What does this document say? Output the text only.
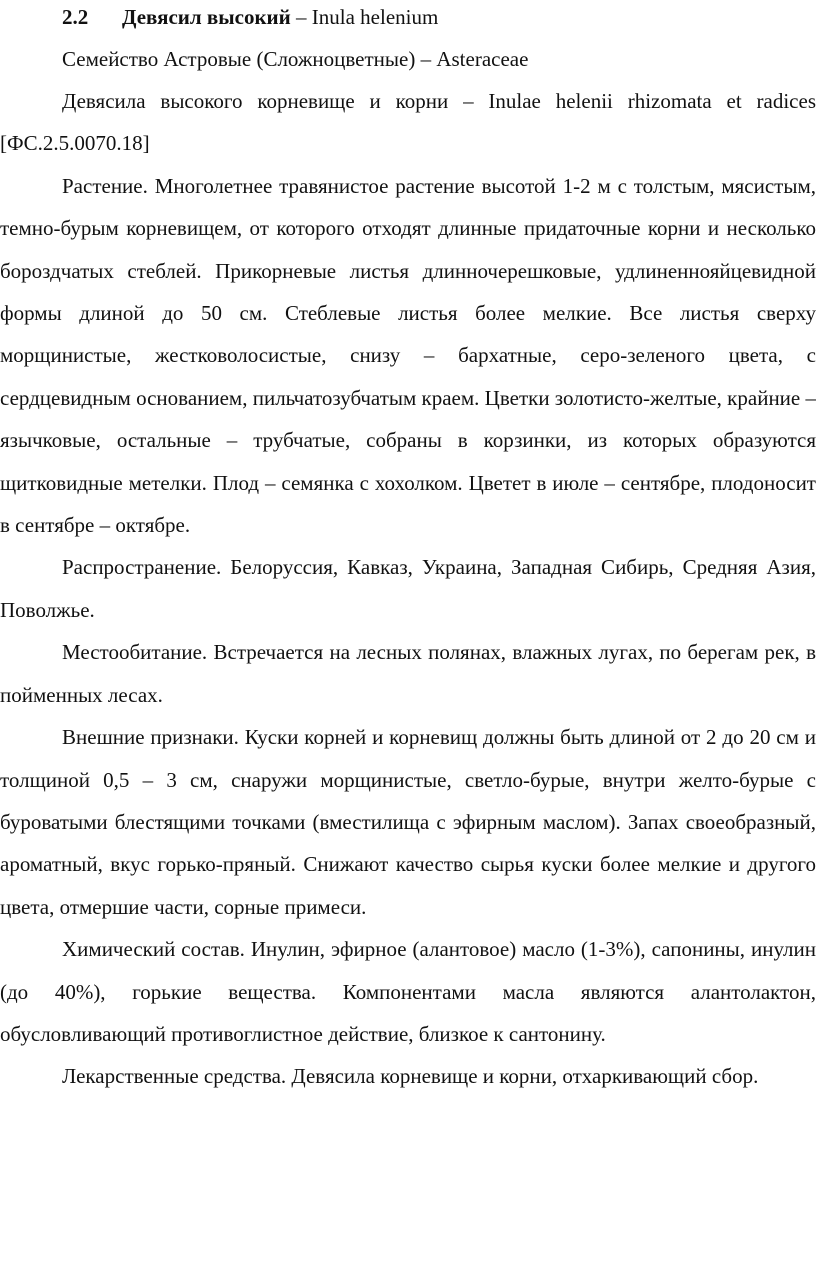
2.2 Девясил высокий – Inula helenium

Семейство Астровые (Сложноцветные) – Asteraceae

Девясила высокого корневище и корни – Inulae helenii rhizomata et radices [ФС.2.5.0070.18]

Растение. Многолетнее травянистое растение высотой 1-2 м с толстым, мясистым, темно-бурым корневищем, от которого отходят длинные придаточные корни и несколько бороздчатых стеблей. Прикорневые листья длинночерешковые, удлиненнояйцевидной формы длиной до 50 см. Стеблевые листья более мелкие. Все листья сверху морщинистые, жестковолосистые, снизу – бархатные, серо-зеленого цвета, с сердцевидным основанием, пильчатозубчатым краем. Цветки золотисто-желтые, крайние – язычковые, остальные – трубчатые, собраны в корзинки, из которых образуются щитковидные метелки. Плод – семянка с хохолком. Цветет в июле – сентябре, плодоносит в сентябре – октябре.

Распространение. Белоруссия, Кавказ, Украина, Западная Сибирь, Средняя Азия, Поволжье.

Местообитание. Встречается на лесных полянах, влажных лугах, по берегам рек, в пойменных лесах.

Внешние признаки. Куски корней и корневищ должны быть длиной от 2 до 20 см и толщиной 0,5 – 3 см, снаружи морщинистые, светло-бурые, внутри желто-бурые с буроватыми блестящими точками (вместилища с эфирным маслом). Запах своеобразный, ароматный, вкус горько-пряный. Снижают качество сырья куски более мелкие и другого цвета, отмершие части, сорные примеси.

Химический состав. Инулин, эфирное (алантовое) масло (1-3%), сапонины, инулин (до 40%), горькие вещества. Компонентами масла являются алантолактон, обусловливающий противоглистное действие, близкое к сантонину.

Лекарственные средства. Девясила корневище и корни, отхаркивающий сбор.
